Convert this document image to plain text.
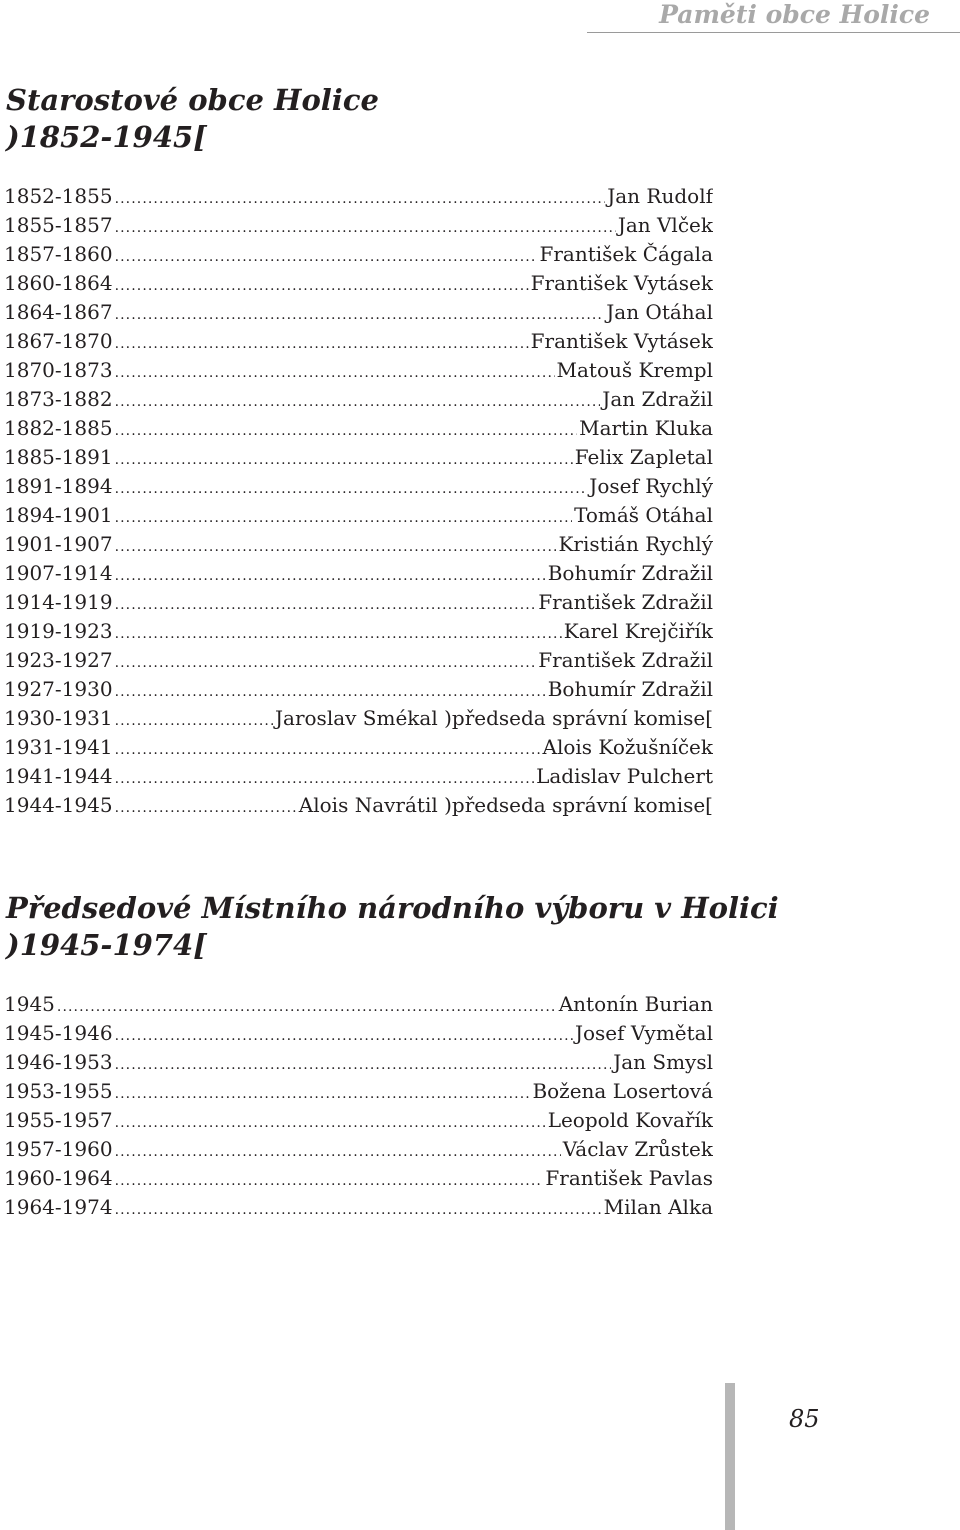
Paměti obce Holice
Starostové obce Holice
)1852-1945[
1852-1855 .....	Jan Rudolf
1855-1857 .....	Jan Vlček
1857-1860 .....	František Čágala
1860-1864 .....	František Vytásek
1864-1867 .....	Jan Otáhal
1867-1870 .....	František Vytásek
1870-1873 .....	Matouš Krempl
1873-1882 .....	Jan Zdražil
1882-1885 .....	Martin Kluka
1885-1891 .....	Felix Zapletal
1891-1894 .....	Josef Rychlý
1894-1901 .....	Tomáš Otáhal
1901-1907 .....	Kristián Rychlý
1907-1914 .....	Bohumír Zdražil
1914-1919 .....	František Zdražil
1919-1923 .....	Karel Krejčiřík
1923-1927 .....	František Zdražil
1927-1930 .....	Bohumír Zdražil
1930-1931 .....	Jaroslav Smékal )předseda správní komise[
1931-1941 .....	Alois Kožušníček
1941-1944 .....	Ladislav Pulchert
1944-1945 .....	Alois Navrátil )předseda správní komise[
Předsedové Místního národního výboru v Holici
)1945-1974[
1945 .....	Antonín Burian
1945-1946 .....	Josef Vymětal
1946-1953 .....	Jan Smysl
1953-1955 .....	Božena Losertová
1955-1957 .....	Leopold Kovařík
1957-1960 .....	Václav Zrůstek
1960-1964 .....	František Pavlas
1964-1974 .....	Milan Alka
85
